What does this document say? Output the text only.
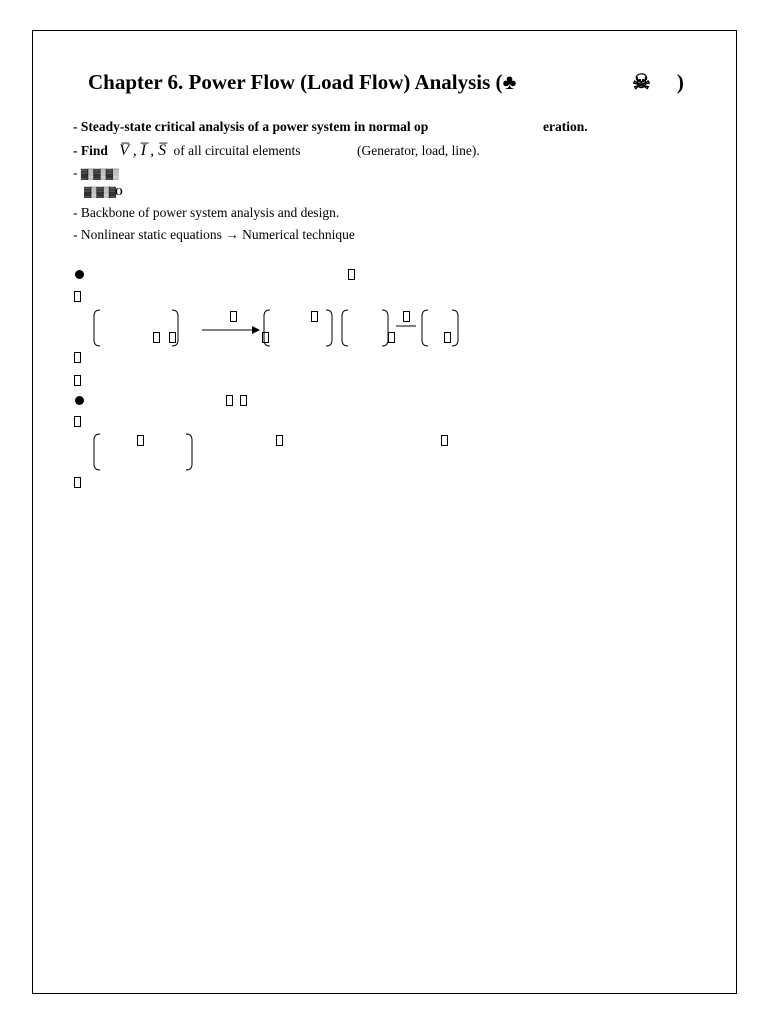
Chapter 6. Power Flow (Load Flow) Analysis (♣	☠ )
- Steady-state critical analysis of a power system in normal op	eration.
- Find V̅ , I̅ , S̅ of all circuital elements	(Generator, load, line).
- ▓▒▓▒▓▒
▓▒▓▒▓O
- Backbone of power system analysis and design.
- Nonlinear static equations → Numerical technique
